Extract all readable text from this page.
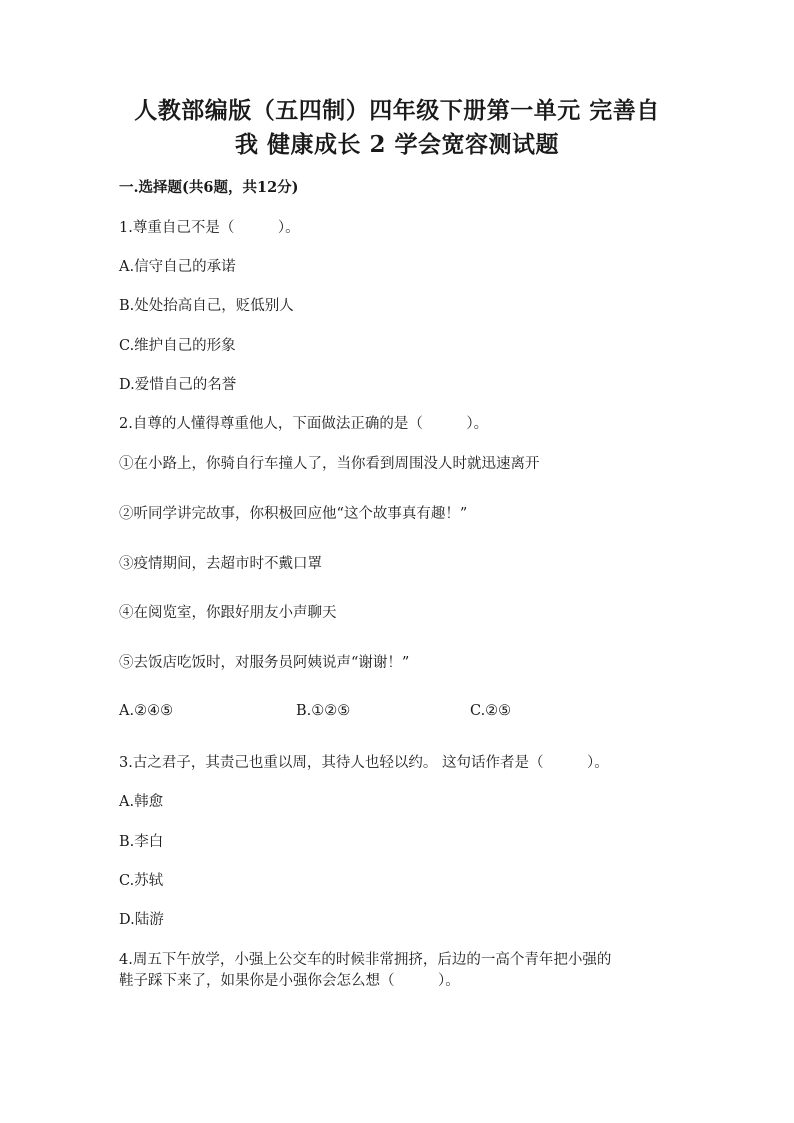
人教部编版（五四制）四年级下册第一单元 完善自
我 健康成长 2 学会宽容测试题
一.选择题(共6题，共12分)
1.尊重自己不是（　　　）。
A.信守自己的承诺
B.处处抬高自己，贬低别人
C.维护自己的形象
D.爱惜自己的名誉
2.自尊的人懂得尊重他人，下面做法正确的是（　　　）。
①在小路上，你骑自行车撞人了，当你看到周围没人时就迅速离开
②听同学讲完故事，你积极回应他“这个故事真有趣！”
③疫情期间，去超市时不戴口罩
④在阅览室，你跟好朋友小声聊天
⑤去饭店吃饭时，对服务员阿姨说声“谢谢！”
A.②④⑤	B.①②⑤	C.②⑤
3.古之君子，其责己也重以周，其待人也轻以约。 这句话作者是（　　　）。
A.韩愈
B.李白
C.苏轼
D.陆游
4.周五下午放学，小强上公交车的时候非常拥挤，后边的一高个青年把小强的
鞋子踩下来了，如果你是小强你会怎么想（　　　）。
